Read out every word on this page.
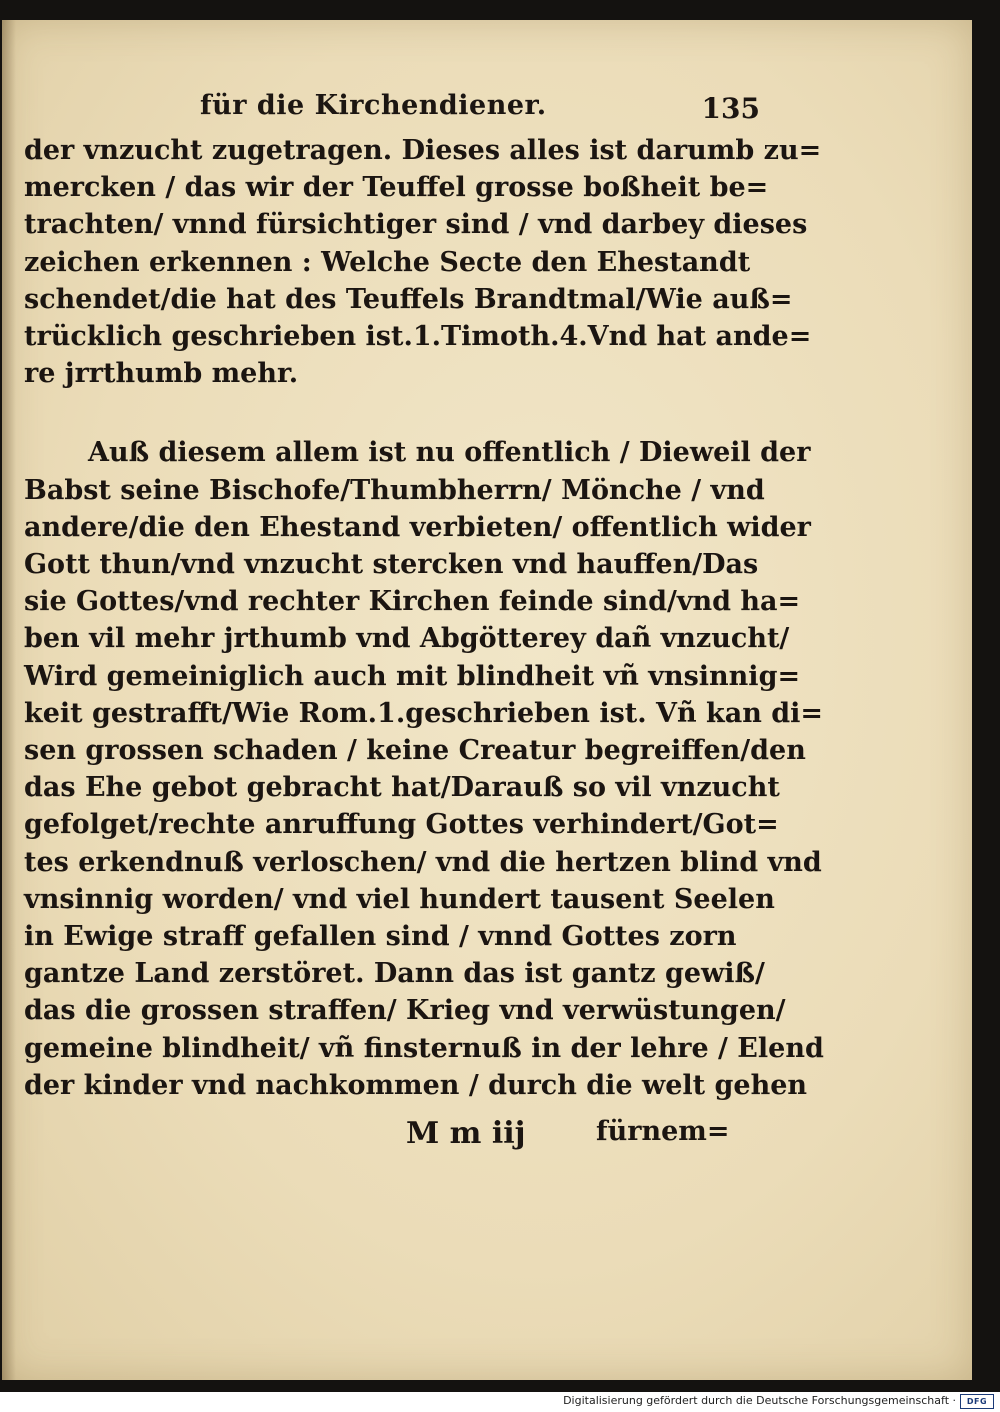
für die Kirchendiener.	135
der vnzucht zugetragen. Dieses alles ist darumb zu=
mercken / das wir der Teuffel grosse boßheit be=
trachten/ vnnd fürsichtiger sind / vnd darbey dieses
zeichen erkennen : Welche Secte den Ehestandt
schendet/die hat des Teuffels Brandtmal/Wie auß=
trücklich geschrieben ist.1.Timoth.4.Vnd hat ande=
re jrrthumb mehr.
Auß diesem allem ist nu offentlich / Dieweil der
Babst seine Bischofe/Thumbherrn/ Mönche / vnd
andere/die den Ehestand verbieten/ offentlich wider
Gott thun/vnd vnzucht stercken vnd hauffen/Das
sie Gottes/vnd rechter Kirchen feinde sind/vnd ha=
ben vil mehr jrthumb vnd Abgötterey dañ vnzucht/
Wird gemeiniglich auch mit blindheit vñ vnsinnig=
keit gestrafft/Wie Rom.1.geschrieben ist. Vñ kan di=
sen grossen schaden / keine Creatur begreiffen/den
das Ehe gebot gebracht hat/Darauß so vil vnzucht
gefolget/rechte anruffung Gottes verhindert/Got=
tes erkendnuß verloschen/ vnd die hertzen blind vnd
vnsinnig worden/ vnd viel hundert tausent Seelen
in Ewige straff gefallen sind / vnnd Gottes zorn
gantze Land zerstöret. Dann das ist gantz gewiß/
das die grossen straffen/ Krieg vnd verwüstungen/
gemeine blindheit/ vñ finsternuß in der lehre / Elend
der kinder vnd nachkommen / durch die welt gehen
M m iij	fürnem=
Digitalisierung gefördert durch die Deutsche Forschungsgemeinschaft · DFG
